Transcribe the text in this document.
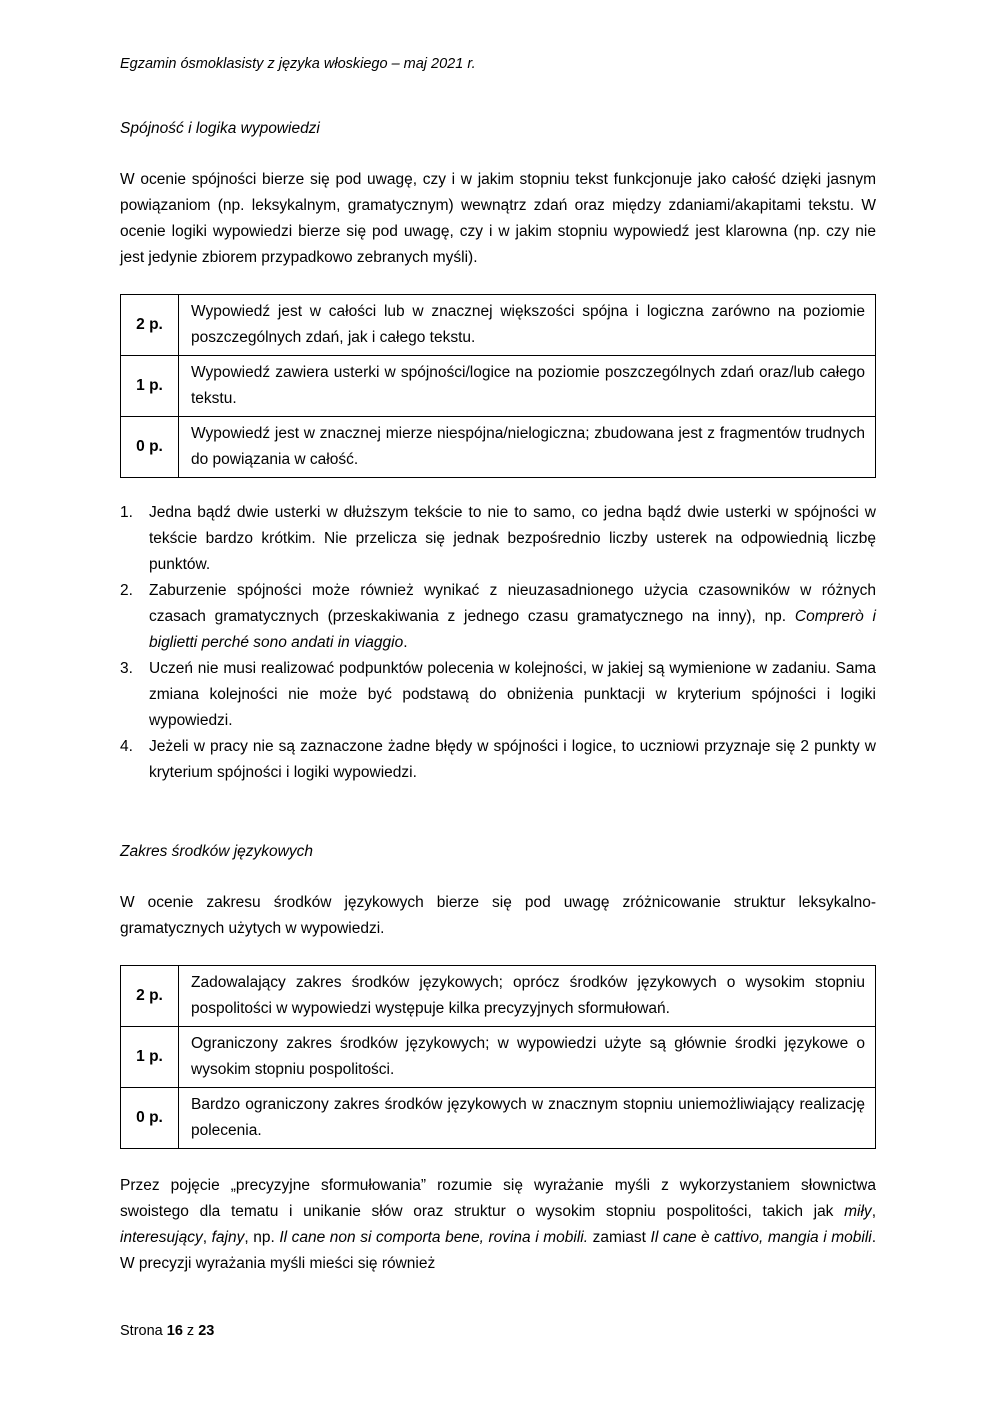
Egzamin ósmoklasisty z języka włoskiego – maj 2021 r.
Spójność i logika wypowiedzi

W ocenie spójności bierze się pod uwagę, czy i w jakim stopniu tekst funkcjonuje jako całość dzięki jasnym powiązaniom (np. leksykalnym, gramatycznym) wewnątrz zdań oraz między zdaniami/akapitami tekstu. W ocenie logiki wypowiedzi bierze się pod uwagę, czy i w jakim stopniu wypowiedź jest klarowna (np. czy nie jest jedynie zbiorem przypadkowo zebranych myśli).

2 p.	Wypowiedź jest w całości lub w znacznej większości spójna i logiczna zarówno na poziomie poszczególnych zdań, jak i całego tekstu.
1 p.	Wypowiedź zawiera usterki w spójności/logice na poziomie poszczególnych zdań oraz/lub całego tekstu.
0 p.	Wypowiedź jest w znacznej mierze niespójna/nielogiczna; zbudowana jest z fragmentów trudnych do powiązania w całość.
1.	Jedna bądź dwie usterki w dłuższym tekście to nie to samo, co jedna bądź dwie usterki w spójności w tekście bardzo krótkim. Nie przelicza się jednak bezpośrednio liczby usterek na odpowiednią liczbę punktów.
2.	Zaburzenie spójności może również wynikać z nieuzasadnionego użycia czasowników w różnych czasach gramatycznych (przeskakiwania z jednego czasu gramatycznego na inny), np. Comprerò i biglietti perché sono andati in viaggio.
3.	Uczeń nie musi realizować podpunktów polecenia w kolejności, w jakiej są wymienione w zadaniu. Sama zmiana kolejności nie może być podstawą do obniżenia punktacji w kryterium spójności i logiki wypowiedzi.
4.	Jeżeli w pracy nie są zaznaczone żadne błędy w spójności i logice, to uczniowi przyznaje się 2 punkty w kryterium spójności i logiki wypowiedzi.
Zakres środków językowych

W ocenie zakresu środków językowych bierze się pod uwagę zróżnicowanie struktur leksykalno-gramatycznych użytych w wypowiedzi.

2 p.	Zadowalający zakres środków językowych; oprócz środków językowych o wysokim stopniu pospolitości w wypowiedzi występuje kilka precyzyjnych sformułowań.
1 p.	Ograniczony zakres środków językowych; w wypowiedzi użyte są głównie środki językowe o wysokim stopniu pospolitości.
0 p.	Bardzo ograniczony zakres środków językowych w znacznym stopniu uniemożliwiający realizację polecenia.

Przez pojęcie „precyzyjne sformułowania” rozumie się wyrażanie myśli z wykorzystaniem słownictwa swoistego dla tematu i unikanie słów oraz struktur o wysokim stopniu pospolitości, takich jak miły, interesujący, fajny, np. Il cane non si comporta bene, rovina i mobili. zamiast Il cane è cattivo, mangia i mobili. W precyzji wyrażania myśli mieści się również

Strona 16 z 23
